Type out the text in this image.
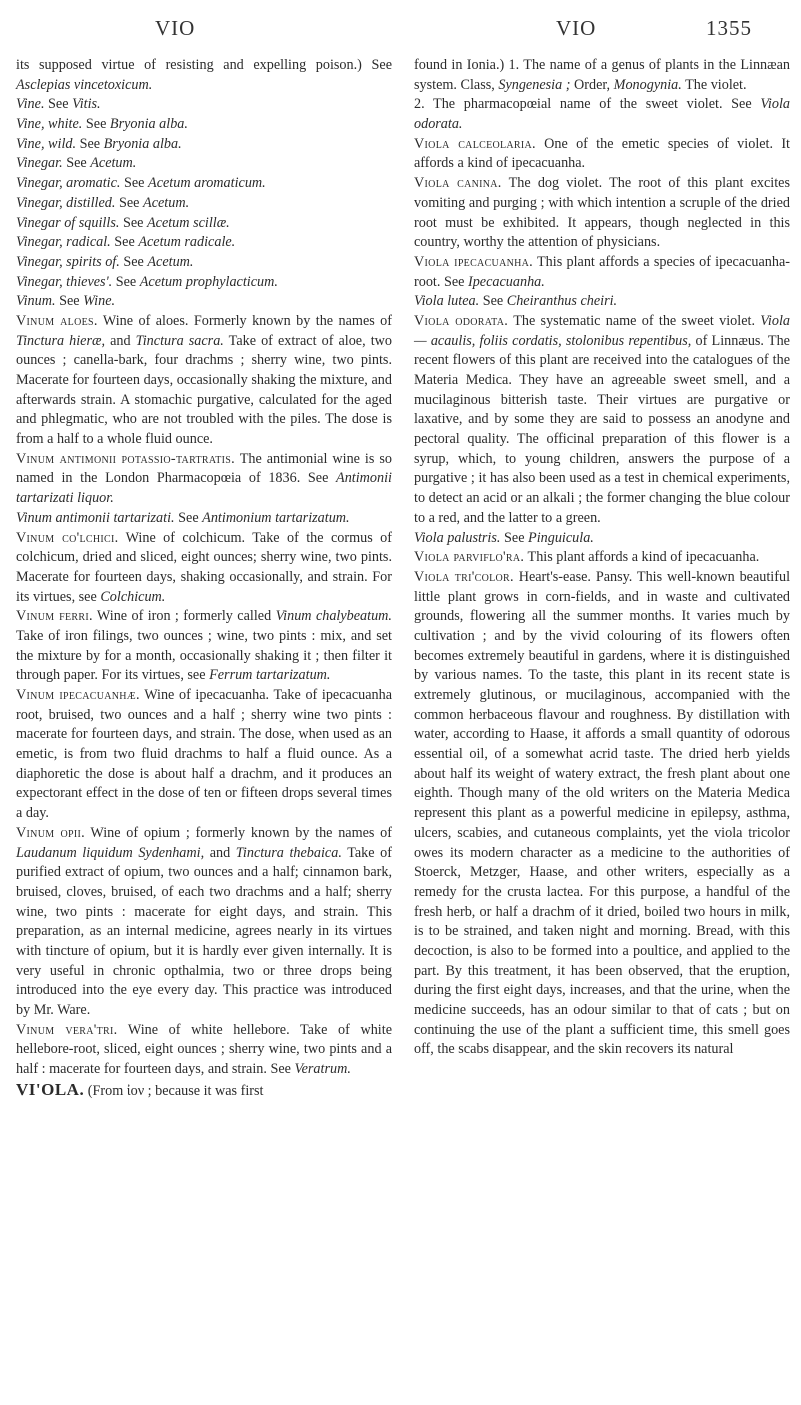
VIO	VIO	1355

its supposed virtue of resisting and expelling poison.) See Asclepias vincetoxicum.

Vine. See Vitis.

Vine, white. See Bryonia alba.

Vine, wild. See Bryonia alba.

Vinegar. See Acetum.

Vinegar, aromatic. See Acetum aromaticum.

Vinegar, distilled. See Acetum.

Vinegar of squills. See Acetum scillæ.

Vinegar, radical. See Acetum radicale.

Vinegar, spirits of. See Acetum.

Vinegar, thieves'. See Acetum prophylacticum.

Vinum. See Wine.

Vinum aloes. Wine of aloes. Formerly known by the names of Tinctura hieræ, and Tinctura sacra. Take of extract of aloe, two ounces ; canella-bark, four drachms ; sherry wine, two pints. Macerate for fourteen days, occasionally shaking the mixture, and afterwards strain. A stomachic purgative, calculated for the aged and phlegmatic, who are not troubled with the piles. The dose is from a half to a whole fluid ounce.

Vinum antimonii potassio-tartratis. The antimonial wine is so named in the London Pharmacopœia of 1836. See Antimonii tartarizati liquor.

Vinum antimonii tartarizati. See Antimonium tartarizatum.

Vinum co'lchici. Wine of colchicum. Take of the cormus of colchicum, dried and sliced, eight ounces; sherry wine, two pints. Macerate for fourteen days, shaking occasionally, and strain. For its virtues, see Colchicum.

Vinum ferri. Wine of iron ; formerly called Vinum chalybeatum. Take of iron filings, two ounces ; wine, two pints : mix, and set the mixture by for a month, occasionally shaking it ; then filter it through paper. For its virtues, see Ferrum tartarizatum.

Vinum ipecacuanhæ. Wine of ipecacuanha. Take of ipecacuanha root, bruised, two ounces and a half ; sherry wine two pints : macerate for fourteen days, and strain. The dose, when used as an emetic, is from two fluid drachms to half a fluid ounce. As a diaphoretic the dose is about half a drachm, and it produces an expectorant effect in the dose of ten or fifteen drops several times a day.

Vinum opii. Wine of opium ; formerly known by the names of Laudanum liquidum Sydenhami, and Tinctura thebaica. Take of purified extract of opium, two ounces and a half; cinnamon bark, bruised, cloves, bruised, of each two drachms and a half; sherry wine, two pints : macerate for eight days, and strain. This preparation, as an internal medicine, agrees nearly in its virtues with tincture of opium, but it is hardly ever given internally. It is very useful in chronic opthalmia, two or three drops being introduced into the eye every day. This practice was introduced by Mr. Ware.

Vinum vera'tri. Wine of white hellebore. Take of white hellebore-root, sliced, eight ounces ; sherry wine, two pints and a half : macerate for fourteen days, and strain. See Veratrum.

VI'OLA. (From ἰον ; because it was first

found in Ionia.) 1. The name of a genus of plants in the Linnæan system. Class, Syngenesia ; Order, Monogynia. The violet.

2. The pharmacopœial name of the sweet violet. See Viola odorata.

Viola calceolaria. One of the emetic species of violet. It affords a kind of ipecacuanha.

Viola canina. The dog violet. The root of this plant excites vomiting and purging ; with which intention a scruple of the dried root must be exhibited. It appears, though neglected in this country, worthy the attention of physicians.

Viola ipecacuanha. This plant affords a species of ipecacuanha-root. See Ipecacuanha.

Viola lutea. See Cheiranthus cheiri.

Viola odorata. The systematic name of the sweet violet. Viola — acaulis, foliis cordatis, stolonibus repentibus, of Linnæus. The recent flowers of this plant are received into the catalogues of the Materia Medica. They have an agreeable sweet smell, and a mucilaginous bitterish taste. Their virtues are purgative or laxative, and by some they are said to possess an anodyne and pectoral quality. The officinal preparation of this flower is a syrup, which, to young children, answers the purpose of a purgative ; it has also been used as a test in chemical experiments, to detect an acid or an alkali ; the former changing the blue colour to a red, and the latter to a green.

Viola palustris. See Pinguicula.

Viola parviflo'ra. This plant affords a kind of ipecacuanha.

Viola tri'color. Heart's-ease. Pansy. This well-known beautiful little plant grows in corn-fields, and in waste and cultivated grounds, flowering all the summer months. It varies much by cultivation ; and by the vivid colouring of its flowers often becomes extremely beautiful in gardens, where it is distinguished by various names. To the taste, this plant in its recent state is extremely glutinous, or mucilaginous, accompanied with the common herbaceous flavour and roughness. By distillation with water, according to Haase, it affords a small quantity of odorous essential oil, of a somewhat acrid taste. The dried herb yields about half its weight of watery extract, the fresh plant about one eighth. Though many of the old writers on the Materia Medica represent this plant as a powerful medicine in epilepsy, asthma, ulcers, scabies, and cutaneous complaints, yet the viola tricolor owes its modern character as a medicine to the authorities of Stoerck, Metzger, Haase, and other writers, especially as a remedy for the crusta lactea. For this purpose, a handful of the fresh herb, or half a drachm of it dried, boiled two hours in milk, is to be strained, and taken night and morning. Bread, with this decoction, is also to be formed into a poultice, and applied to the part. By this treatment, it has been observed, that the eruption, during the first eight days, increases, and that the urine, when the medicine succeeds, has an odour similar to that of cats ; but on continuing the use of the plant a sufficient time, this smell goes off, the scabs disappear, and the skin recovers its natural
